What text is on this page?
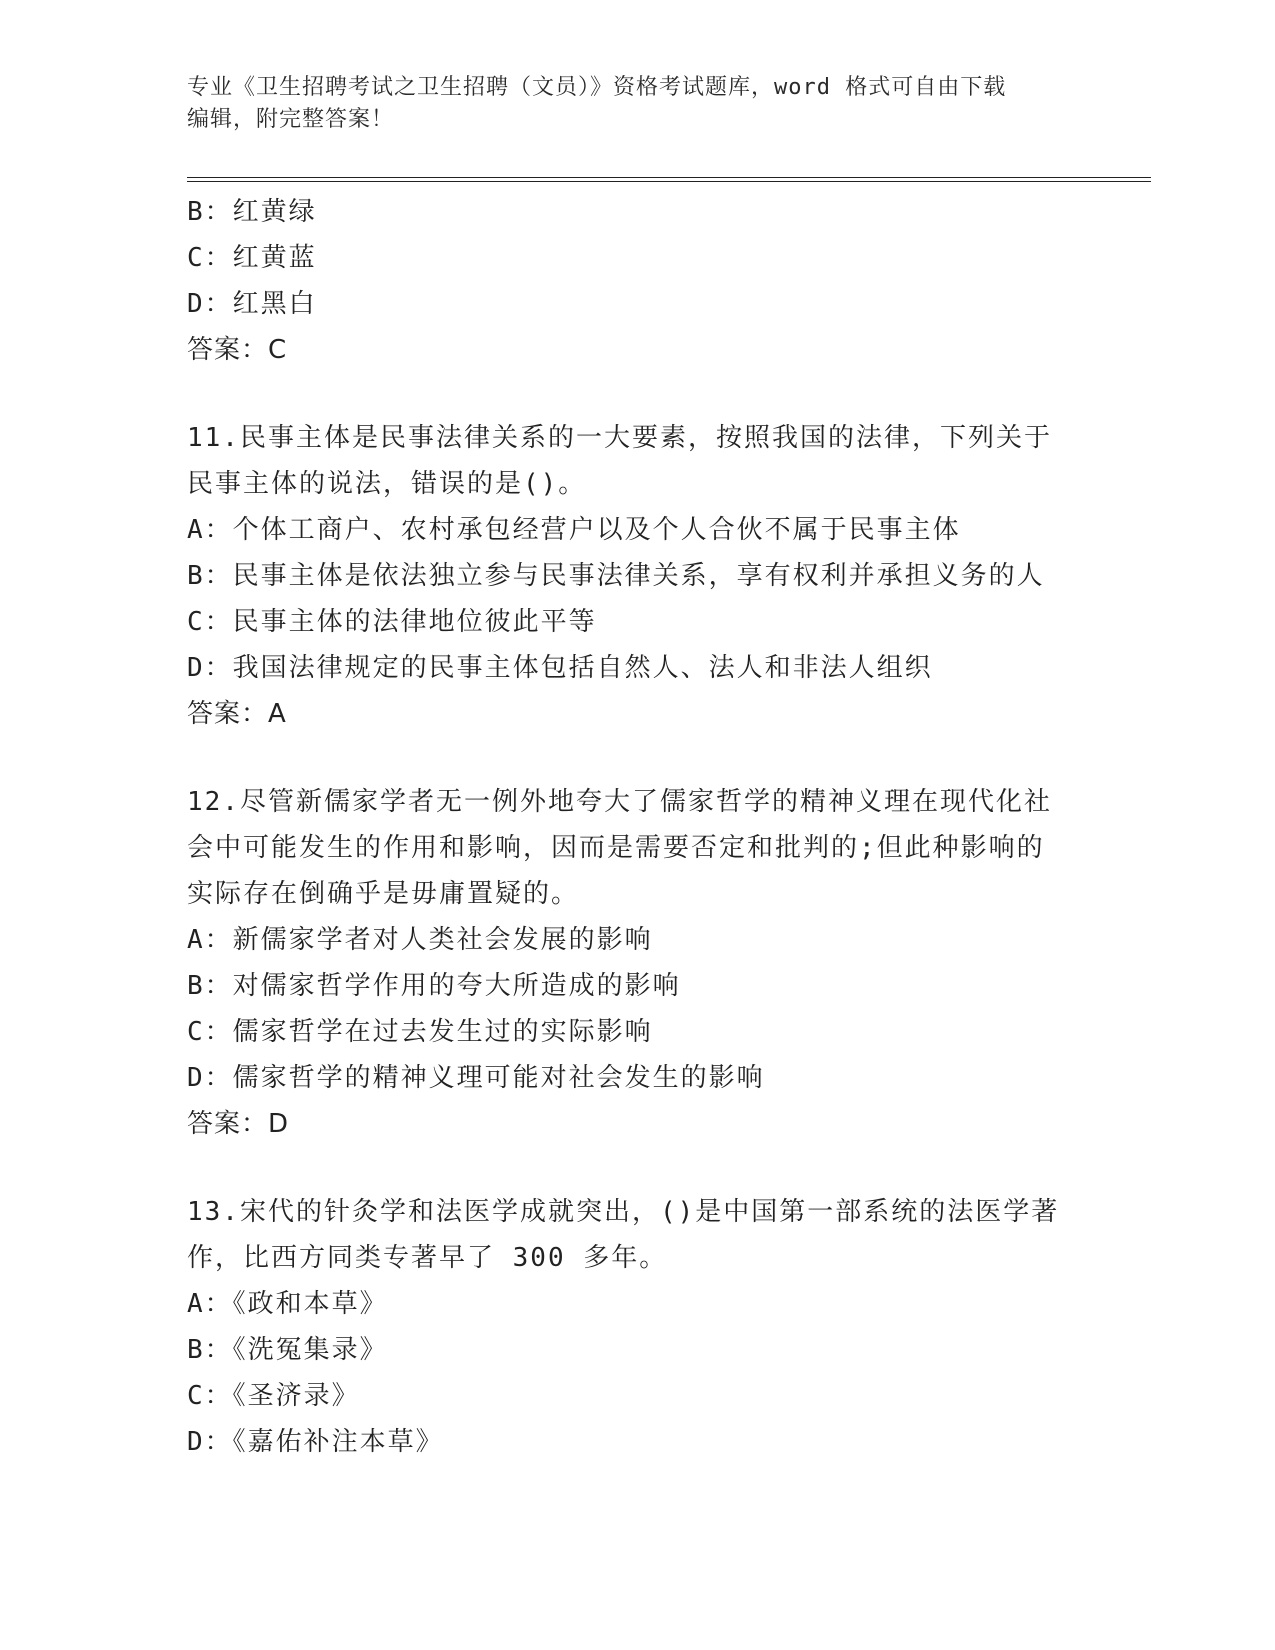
专业《卫生招聘考试之卫生招聘（文员）》资格考试题库，word 格式可自由下载
编辑，附完整答案！
B：红黄绿
C：红黄蓝
D：红黑白
答案：C
11.民事主体是民事法律关系的一大要素，按照我国的法律，下列关于
民事主体的说法，错误的是()。
A：个体工商户、农村承包经营户以及个人合伙不属于民事主体
B：民事主体是依法独立参与民事法律关系，享有权利并承担义务的人
C：民事主体的法律地位彼此平等
D：我国法律规定的民事主体包括自然人、法人和非法人组织
答案：A
12.尽管新儒家学者无一例外地夸大了儒家哲学的精神义理在现代化社
会中可能发生的作用和影响，因而是需要否定和批判的;但此种影响的
实际存在倒确乎是毋庸置疑的。
A：新儒家学者对人类社会发展的影响
B：对儒家哲学作用的夸大所造成的影响
C：儒家哲学在过去发生过的实际影响
D：儒家哲学的精神义理可能对社会发生的影响
答案：D
13.宋代的针灸学和法医学成就突出，()是中国第一部系统的法医学著
作，比西方同类专著早了 300 多年。
A：《政和本草》
B：《洗冤集录》
C：《圣济录》
D：《嘉佑补注本草》
